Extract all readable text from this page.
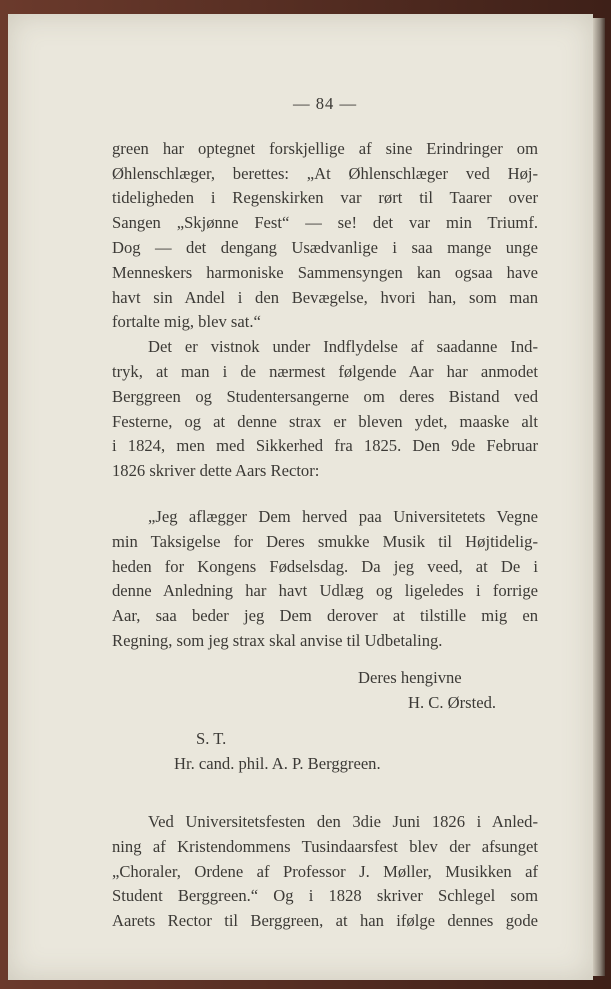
— 84 —
green har optegnet forskjellige af sine Erindringer om
Øhlenschlæger, berettes: „At Øhlenschlæger ved Høj-
tideligheden i Regenskirken var rørt til Taarer over
Sangen „Skjønne Fest“ — se! det var min Triumf.
Dog — det dengang Usædvanlige i saa mange unge
Menneskers harmoniske Sammensyngen kan ogsaa have
havt sin Andel i den Bevægelse, hvori han, som man
fortalte mig, blev sat.“
Det er vistnok under Indflydelse af saadanne Ind-
tryk, at man i de nærmest følgende Aar har anmodet
Berggreen og Studentersangerne om deres Bistand ved
Festerne, og at denne strax er bleven ydet, maaske alt
i 1824, men med Sikkerhed fra 1825. Den 9de Februar
1826 skriver dette Aars Rector:
„Jeg aflægger Dem herved paa Universitetets Vegne
min Taksigelse for Deres smukke Musik til Højtidelig-
heden for Kongens Fødselsdag. Da jeg veed, at De i
denne Anledning har havt Udlæg og ligeledes i forrige
Aar, saa beder jeg Dem derover at tilstille mig en
Regning, som jeg strax skal anvise til Udbetaling.
Deres hengivne
H. C. Ørsted.
S. T.
Hr. cand. phil. A. P. Berggreen.
Ved Universitetsfesten den 3die Juni 1826 i Anled-
ning af Kristendommens Tusindaarsfest blev der afsunget
„Choraler, Ordene af Professor J. Møller, Musikken af
Student Berggreen.“ Og i 1828 skriver Schlegel som
Aarets Rector til Berggreen, at han ifølge dennes gode
